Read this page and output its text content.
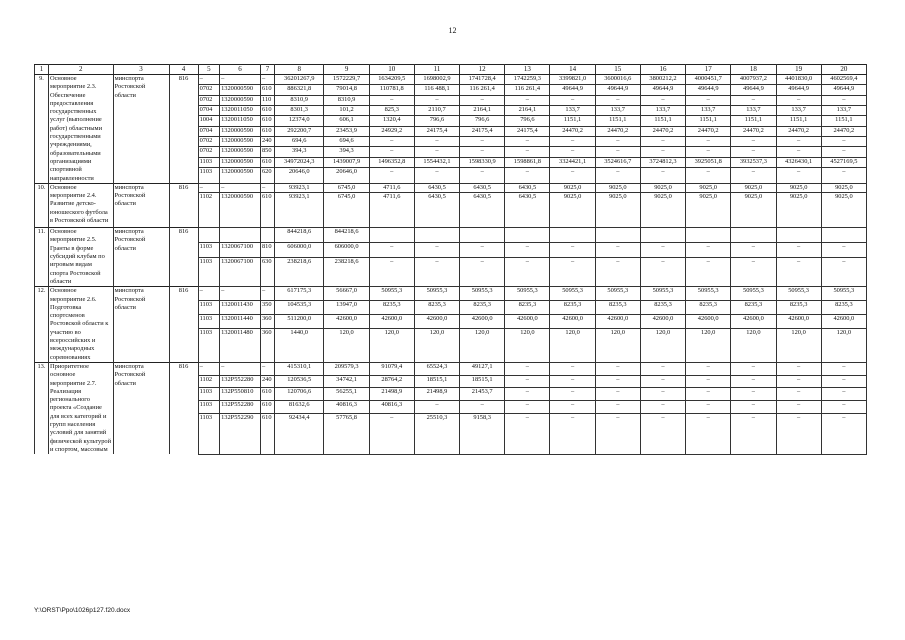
12
1	2	3	4	5	6	7	8	9	10	11	12	13	14	15	16	17	18	19	20
9.	Основное мероприятие 2.3. Обеспечение предоставления государственных услуг (выполнение работ) областными государственными учреждениями, образовательными организациями спортивной направленности	минспорта Ростовской области	816	–	–	–	36201267,9	1572229,7	1634209,5	1698002,9	1741728,4	1742259,3	3399821,0	3600016,6	3800212,2	4000451,7	4007937,2	4401830,0	4602569,4
				0702	1320000590	610	886321,8	79014,8	110781,8	116 488,1	116 261,4	116 261,4	49644,9	49644,9	49644,9	49644,9	49644,9	49644,9	49644,9
				0702	1320000590	110	8310,9	8310,9	–	–	–	–	–	–	–	–	–	–	–
				0704	1320011050	610	8301,3	101,2	825,3	2110,7	2164,1	2164,1	133,7	133,7	133,7	133,7	133,7	133,7	133,7
				1004	1320011050	610	12374,0	606,1	1320,4	796,6	796,6	796,6	1151,1	1151,1	1151,1	1151,1	1151,1	1151,1	1151,1
				0704	1320000590	610	292200,7	23453,9	24929,2	24175,4	24175,4	24175,4	24470,2	24470,2	24470,2	24470,2	24470,2	24470,2	24470,2
				0702	1320000590	240	694,6	694,6	–	–	–	–	–	–	–	–	–	–	–
				0702	1320000590	850	394,3	394,3	–	–	–	–	–	–	–	–	–	–	–
				1103	1320000590	610	34972024,3	1439007,9	1496352,8	1554432,1	1598330,9	1598861,8	3324421,1	3524616,7	3724812,3	3925051,8	3932537,3	4326430,1	4527169,5
				1103	1320000590	620	20646,0	20646,0	–	–	–	–	–	–	–	–	–	–	–
10.	Основное мероприятие 2.4. Развитие детско-юношеского футбола в Ростовской области	минспорта Ростовской области	816	–	–	–	93923,1	6745,0	4711,6	6430,5	6430,5	6430,5	9025,0	9025,0	9025,0	9025,0	9025,0	9025,0	9025,0
				1102	1320000590	610	93923,1	6745,0	4711,6	6430,5	6430,5	6430,5	9025,0	9025,0	9025,0	9025,0	9025,0	9025,0	9025,0
11.	Основное мероприятие 2.5. Гранты в форме субсидий клубам по игровым видам спорта Ростовской области	минспорта Ростовской области	816				844218,6	844218,6											
				1103	1320067100	810	606000,0	606000,0	–	–	–	–	–	–	–	–	–	–	–
				1103	1320067100	630	238218,6	238218,6	–	–	–	–	–	–	–	–	–	–	–
12.	Основное мероприятие 2.6. Подготовка спортсменов Ростовской области к участию во всероссийских и международных соревнованиях	минспорта Ростовской области	816	–	–	–	617175,3	56667,0	50955,3	50955,3	50955,3	50955,3	50955,3	50955,3	50955,3	50955,3	50955,3	50955,3	50955,3
				1103	1320011430	350	104535,3	13947,0	8235,3	8235,3	8235,3	8235,3	8235,3	8235,3	8235,3	8235,3	8235,3	8235,3	8235,3
				1103	1320011440	360	511200,0	42600,0	42600,0	42600,0	42600,0	42600,0	42600,0	42600,0	42600,0	42600,0	42600,0	42600,0	42600,0
				1103	1320011480	360	1440,0	120,0	120,0	120,0	120,0	120,0	120,0	120,0	120,0	120,0	120,0	120,0	120,0
13.	Приоритетное основное мероприятие 2.7. Реализация регионального проекта «Создание для всех категорий и групп населения условий для занятий физической культурой и спортом, массовым	минспорта Ростовской области	816	–	–	–	415310,1	209579,3	91079,4	65524,3	49127,1	–	–	–	–	–	–	–	–
				1102	132P552280	240	120536,5	34742,1	28764,2	18515,1	18515,1	–	–	–	–	–	–	–	–
				1103	132P550810	610	120706,6	56255,1	21498,9	21498,9	21453,7	–	–	–	–	–	–	–	–
				1103	132P552280	610	81632,6	40816,3	40816,3	–	–	–	–	–	–	–	–	–	–
				1103	132P552290	610	92434,4	57765,8	–	25510,3	9158,3	–	–	–	–	–	–	–	–
Y:\ORST\Ppo\1026p127.f20.docx
